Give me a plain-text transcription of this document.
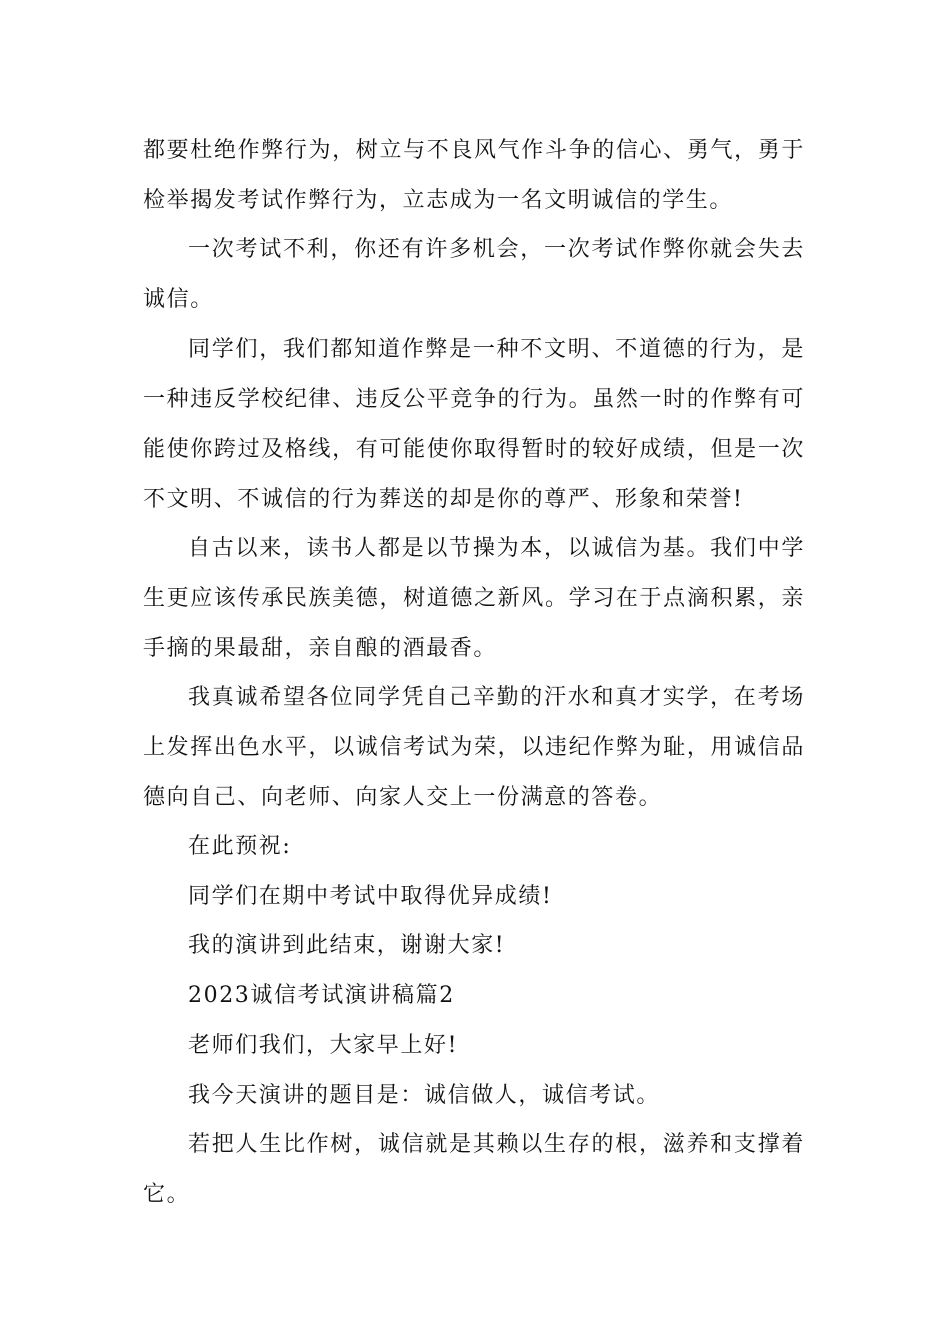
都要杜绝作弊行为，树立与不良风气作斗争的信心、勇气，勇于检举揭发考试作弊行为，立志成为一名文明诚信的学生。

一次考试不利，你还有许多机会，一次考试作弊你就会失去诚信。

同学们，我们都知道作弊是一种不文明、不道德的行为，是一种违反学校纪律、违反公平竞争的行为。虽然一时的作弊有可能使你跨过及格线，有可能使你取得暂时的较好成绩，但是一次不文明、不诚信的行为葬送的却是你的尊严、形象和荣誉!

自古以来，读书人都是以节操为本，以诚信为基。我们中学生更应该传承民族美德，树道德之新风。学习在于点滴积累，亲手摘的果最甜，亲自酿的酒最香。

我真诚希望各位同学凭自己辛勤的汗水和真才实学，在考场上发挥出色水平，以诚信考试为荣，以违纪作弊为耻，用诚信品德向自己、向老师、向家人交上一份满意的答卷。

在此预祝:

同学们在期中考试中取得优异成绩!

我的演讲到此结束，谢谢大家!

2023诚信考试演讲稿篇2

老师们我们，大家早上好!

我今天演讲的题目是：诚信做人，诚信考试。

若把人生比作树，诚信就是其赖以生存的根，滋养和支撑着它。
